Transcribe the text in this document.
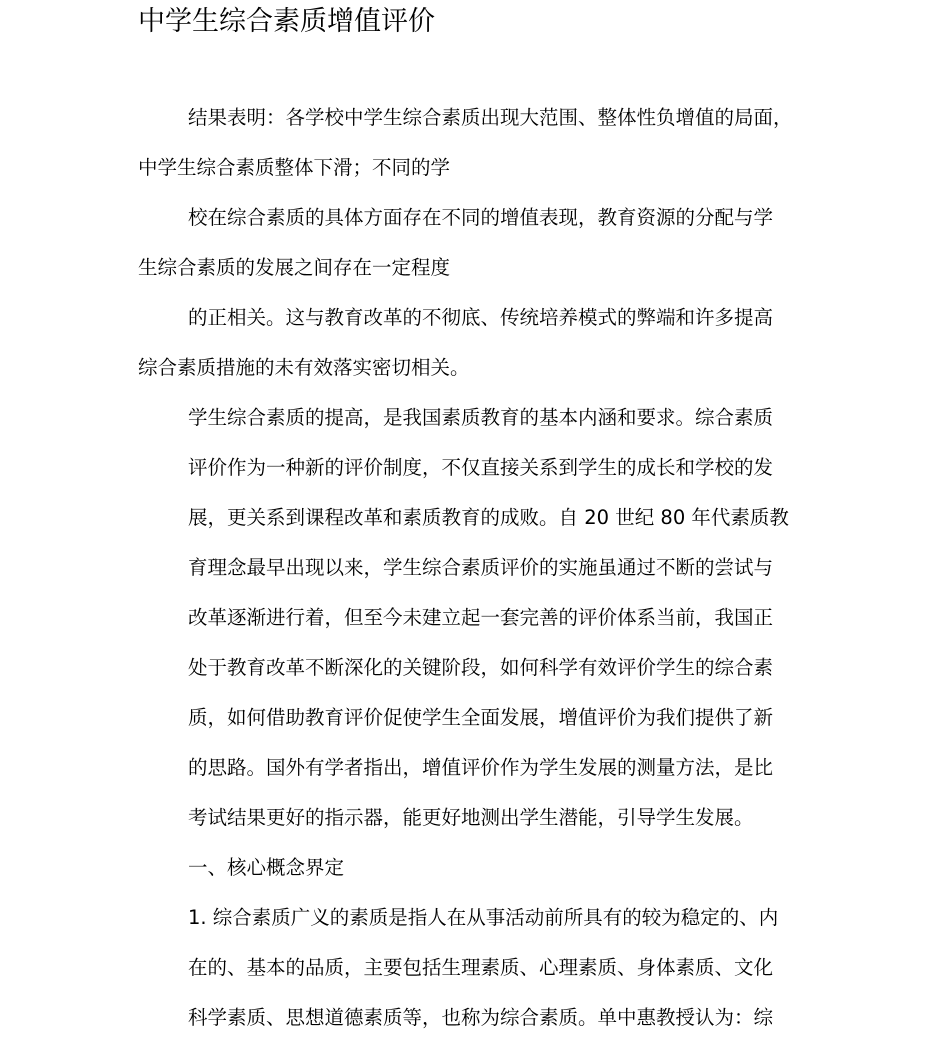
中学生综合素质增值评价

结果表明：各学校中学生综合素质出现大范围、整体性负增值的局面，

中学生综合素质整体下滑；不同的学

校在综合素质的具体方面存在不同的增值表现，教育资源的分配与学

生综合素质的发展之间存在一定程度

的正相关。这与教育改革的不彻底、传统培养模式的弊端和许多提高

综合素质措施的未有效落实密切相关。

学生综合素质的提高，是我国素质教育的基本内涵和要求。综合素质

评价作为一种新的评价制度，不仅直接关系到学生的成长和学校的发

展，更关系到课程改革和素质教育的成败。自 20 世纪 80 年代素质教

育理念最早出现以来，学生综合素质评价的实施虽通过不断的尝试与

改革逐渐进行着，但至今未建立起一套完善的评价体系当前，我国正

处于教育改革不断深化的关键阶段，如何科学有效评价学生的综合素

质，如何借助教育评价促使学生全面发展，增值评价为我们提供了新

的思路。国外有学者指出，增值评价作为学生发展的测量方法，是比

考试结果更好的指示器，能更好地测出学生潜能，引导学生发展。

一、核心概念界定

1. 综合素质广义的素质是指人在从事活动前所具有的较为稳定的、内

在的、基本的品质，主要包括生理素质、心理素质、身体素质、文化

科学素质、思想道德素质等，也称为综合素质。单中惠教授认为：综
